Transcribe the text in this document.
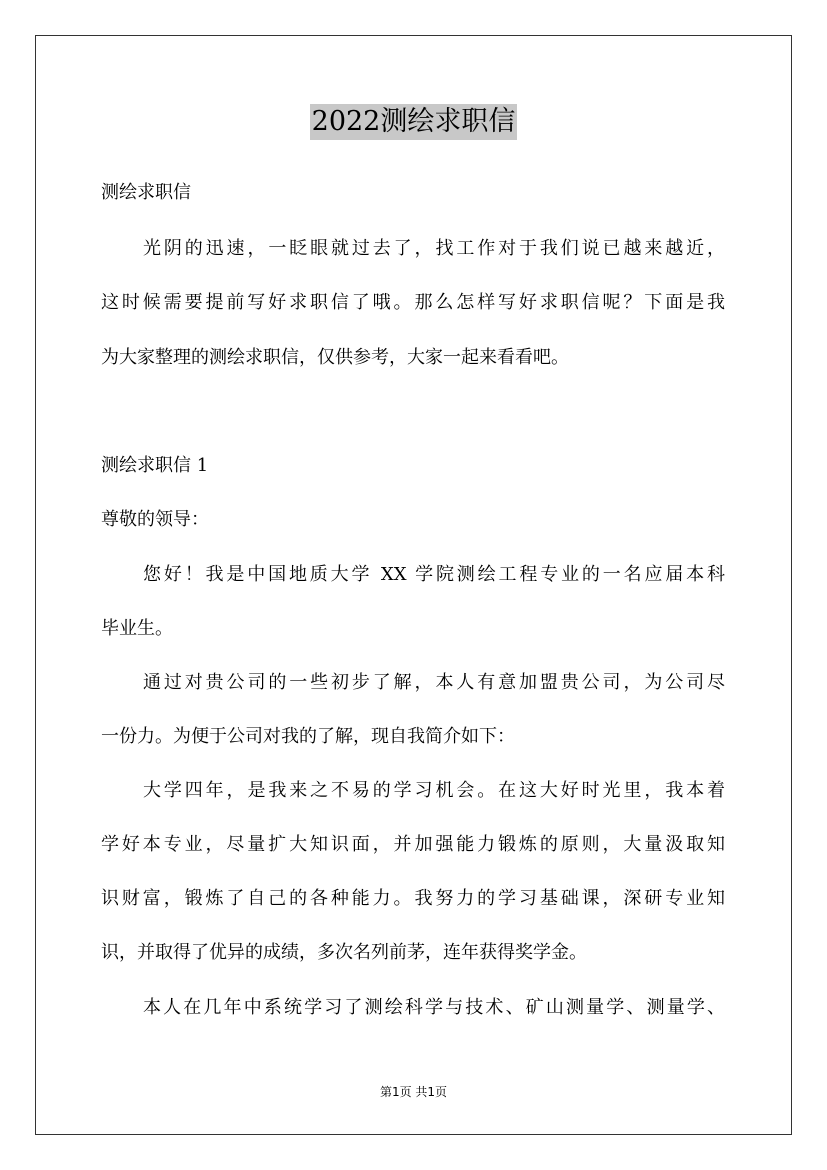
2022测绘求职信
测绘求职信
光阴的迅速，一眨眼就过去了，找工作对于我们说已越来越近，
这时候需要提前写好求职信了哦。那么怎样写好求职信呢？下面是我
为大家整理的测绘求职信，仅供参考，大家一起来看看吧。
测绘求职信 1
尊敬的领导：
您好！我是中国地质大学 XX 学院测绘工程专业的一名应届本科
毕业生。
通过对贵公司的一些初步了解，本人有意加盟贵公司，为公司尽
一份力。为便于公司对我的了解，现自我简介如下：
大学四年，是我来之不易的学习机会。在这大好时光里，我本着
学好本专业，尽量扩大知识面，并加强能力锻炼的原则，大量汲取知
识财富，锻炼了自己的各种能力。我努力的学习基础课，深研专业知
识，并取得了优异的成绩，多次名列前茅，连年获得奖学金。
本人在几年中系统学习了测绘科学与技术、矿山测量学、测量学、
第1页 共1页
